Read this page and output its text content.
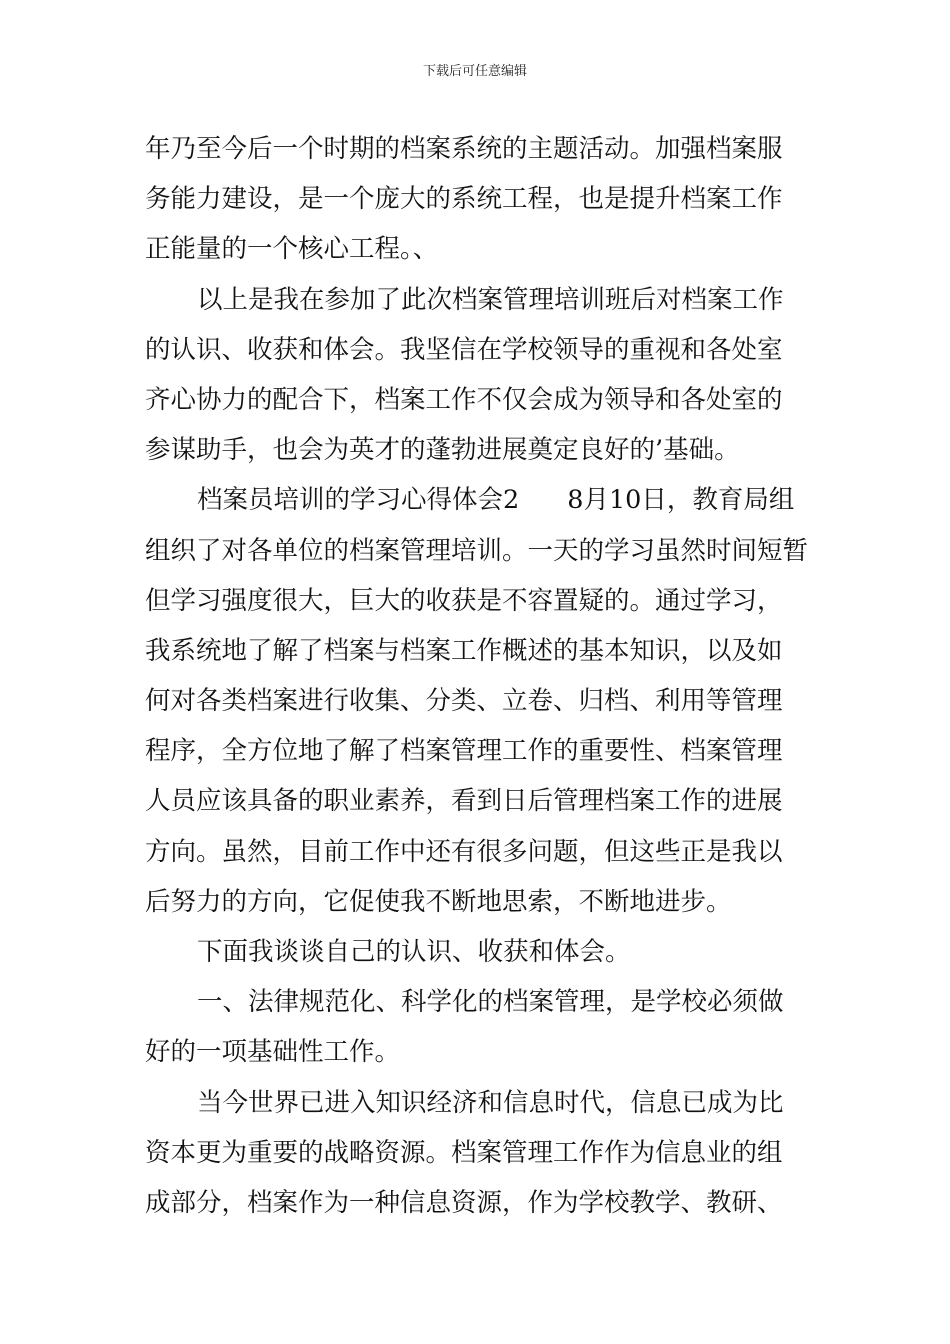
下载后可任意编辑
年乃至今后一个时期的档案系统的主题活动。加强档案服
务能力建设，是一个庞大的系统工程，也是提升档案工作
正能量的一个核心工程。、
以上是我在参加了此次档案管理培训班后对档案工作
的认识、收获和体会。我坚信在学校领导的重视和各处室
齐心协力的配合下，档案工作不仅会成为领导和各处室的
参谋助手，也会为英才的蓬勃进展奠定良好的’基础。
档案员培训的学习心得体会2 8月10日，教育局组
组织了对各单位的档案管理培训。一天的学习虽然时间短暂
但学习强度很大，巨大的收获是不容置疑的。通过学习，
我系统地了解了档案与档案工作概述的基本知识，以及如
何对各类档案进行收集、分类、立卷、归档、利用等管理
程序，全方位地了解了档案管理工作的重要性、档案管理
人员应该具备的职业素养，看到日后管理档案工作的进展
方向。虽然，目前工作中还有很多问题，但这些正是我以
后努力的方向，它促使我不断地思索，不断地进步。
下面我谈谈自己的认识、收获和体会。
一、法律规范化、科学化的档案管理，是学校必须做
好的一项基础性工作。
当今世界已进入知识经济和信息时代，信息已成为比
资本更为重要的战略资源。档案管理工作作为信息业的组
成部分，档案作为一种信息资源，作为学校教学、教研、
